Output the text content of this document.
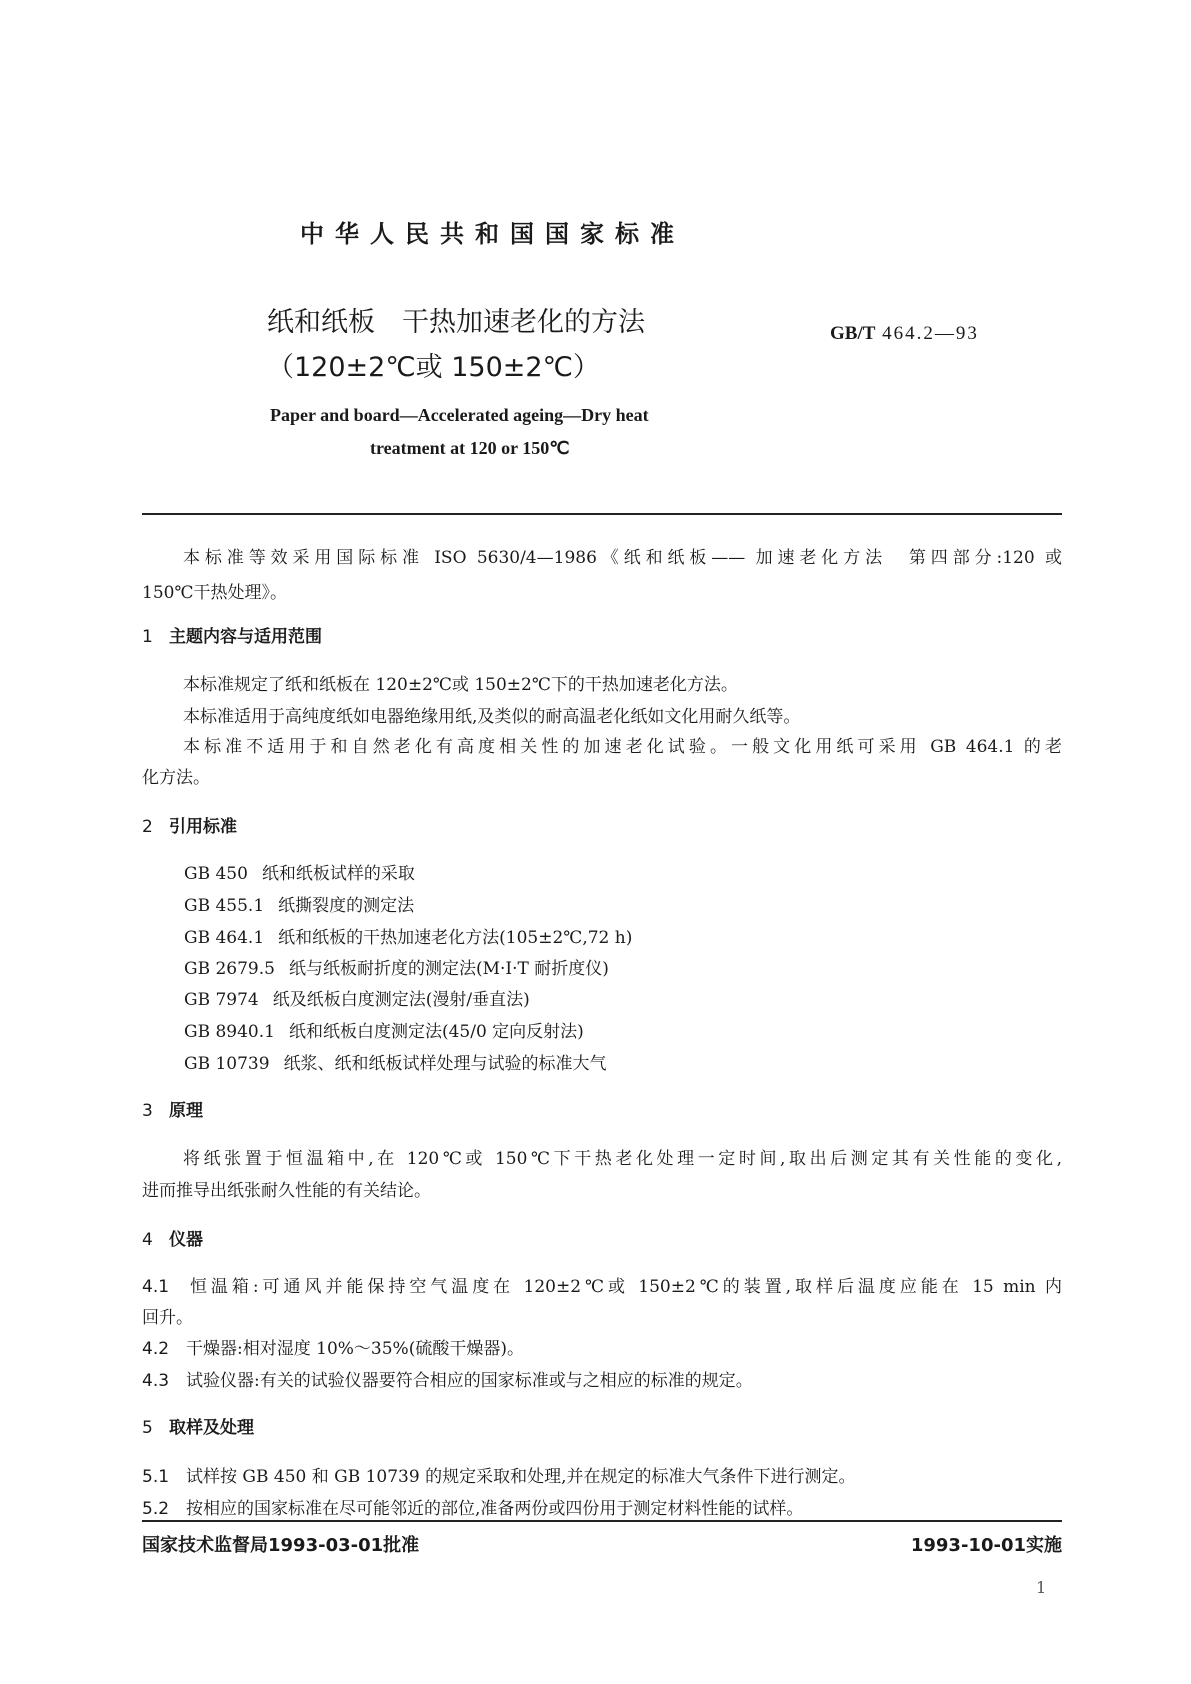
中华人民共和国国家标准
纸和纸板　干热加速老化的方法
（120±2℃或 150±2℃）
GB/T 464.2—93
Paper and board—Accelerated ageing—Dry heat
treatment at 120 or 150℃
本标准等效采用国际标准 ISO 5630/4—1986《纸和纸板—— 加速老化方法　第四部分:120 或
150℃干热处理》。
1 主题内容与适用范围
本标准规定了纸和纸板在 120±2℃或 150±2℃下的干热加速老化方法。
本标准适用于高纯度纸如电器绝缘用纸,及类似的耐高温老化纸如文化用耐久纸等。
本标准不适用于和自然老化有高度相关性的加速老化试验。一般文化用纸可采用 GB 464.1 的老
化方法。
2 引用标准
GB 450 纸和纸板试样的采取
GB 455.1 纸撕裂度的测定法
GB 464.1 纸和纸板的干热加速老化方法(105±2℃,72 h)
GB 2679.5 纸与纸板耐折度的测定法(M·I·T 耐折度仪)
GB 7974 纸及纸板白度测定法(漫射/垂直法)
GB 8940.1 纸和纸板白度测定法(45/0 定向反射法)
GB 10739 纸浆、纸和纸板试样处理与试验的标准大气
3 原理
将纸张置于恒温箱中,在 120℃或 150℃下干热老化处理一定时间,取出后测定其有关性能的变化,
进而推导出纸张耐久性能的有关结论。
4 仪器
4.1 恒温箱:可通风并能保持空气温度在 120±2℃或 150±2℃的装置,取样后温度应能在 15 min 内
回升。
4.2 干燥器:相对湿度 10%～35%(硫酸干燥器)。
4.3 试验仪器:有关的试验仪器要符合相应的国家标准或与之相应的标准的规定。
5 取样及处理
5.1 试样按 GB 450 和 GB 10739 的规定采取和处理,并在规定的标准大气条件下进行测定。
5.2 按相应的国家标准在尽可能邻近的部位,准备两份或四份用于测定材料性能的试样。
国家技术监督局1993-03-01批准	1993-10-01实施
1
